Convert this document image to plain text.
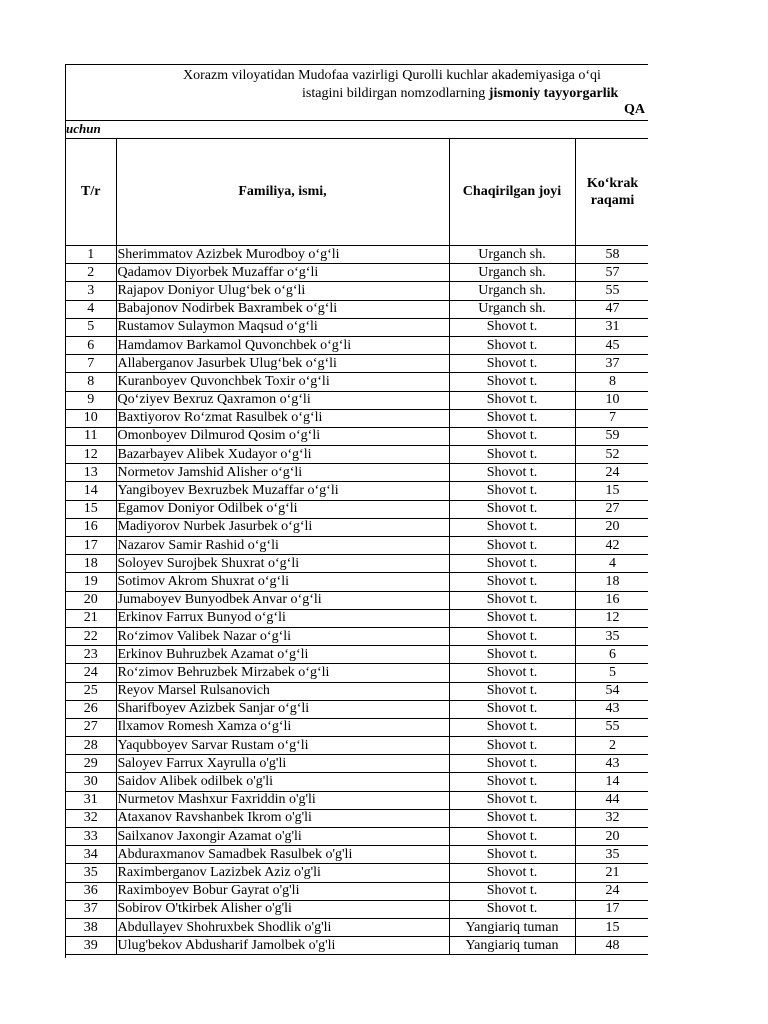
Xorazm viloyatidan Mudofaa vazirligi Qurolli kuchlar akademiyasiga o‘qi
istagini bildirgan nomzodlarning jismoniy tayyorgarlik
QA
uchun
T/r	Familiya, ismi,	Chaqirilgan joyi	Ko‘krak raqami
1	Sherimmatov Azizbek Murodboy o‘g‘li	Urganch sh.	58
2	Qadamov Diyorbek Muzaffar o‘g‘li	Urganch sh.	57
3	Rajapov Doniyor Ulug‘bek o‘g‘li	Urganch sh.	55
4	Babajonov Nodirbek Baxrambek o‘g‘li	Urganch sh.	47
5	Rustamov Sulaymon Maqsud o‘g‘li	Shovot t.	31
6	Hamdamov Barkamol Quvonchbek o‘g‘li	Shovot t.	45
7	Allaberganov Jasurbek Ulug‘bek o‘g‘li	Shovot t.	37
8	Kuranboyev Quvonchbek Toxir o‘g‘li	Shovot t.	8
9	Qo‘ziyev Bexruz Qaxramon o‘g‘li	Shovot t.	10
10	Baxtiyorov Ro‘zmat Rasulbek o‘g‘li	Shovot t.	7
11	Omonboyev Dilmurod Qosim o‘g‘li	Shovot t.	59
12	Bazarbayev Alibek Xudayor o‘g‘li	Shovot t.	52
13	Normetov Jamshid Alisher o‘g‘li	Shovot t.	24
14	Yangiboyev Bexruzbek Muzaffar o‘g‘li	Shovot t.	15
15	Egamov Doniyor Odilbek o‘g‘li	Shovot t.	27
16	Madiyorov Nurbek Jasurbek o‘g‘li	Shovot t.	20
17	Nazarov Samir Rashid o‘g‘li	Shovot t.	42
18	Soloyev Surojbek Shuxrat o‘g‘li	Shovot t.	4
19	Sotimov Akrom Shuxrat o‘g‘li	Shovot t.	18
20	Jumaboyev Bunyodbek Anvar o‘g‘li	Shovot t.	16
21	Erkinov Farrux Bunyod o‘g‘li	Shovot t.	12
22	Ro‘zimov Valibek Nazar o‘g‘li	Shovot t.	35
23	Erkinov Buhruzbek Azamat o‘g‘li	Shovot t.	6
24	Ro‘zimov Behruzbek Mirzabek o‘g‘li	Shovot t.	5
25	Reyov Marsel Rulsanovich	Shovot t.	54
26	Sharifboyev Azizbek Sanjar o‘g‘li	Shovot t.	43
27	Ilxamov Romesh Xamza o‘g‘li	Shovot t.	55
28	Yaqubboyev Sarvar Rustam o‘g‘li	Shovot t.	2
29	Saloyev Farrux Xayrulla o'g'li	Shovot t.	43
30	Saidov Alibek odilbek o'g'li	Shovot t.	14
31	Nurmetov Mashxur Faxriddin o'g'li	Shovot t.	44
32	Ataxanov Ravshanbek Ikrom o'g'li	Shovot t.	32
33	Sailxanov Jaxongir Azamat o'g'li	Shovot t.	20
34	Abduraxmanov Samadbek Rasulbek o'g'li	Shovot t.	35
35	Raximberganov Lazizbek Aziz o'g'li	Shovot t.	21
36	Raximboyev Bobur Gayrat o'g'li	Shovot t.	24
37	Sobirov O'tkirbek Alisher o'g'li	Shovot t.	17
38	Abdullayev Shohruxbek Shodlik o'g'li	Yangiariq tuman	15
39	Ulug'bekov Abdusharif Jamolbek o'g'li	Yangiariq tuman	48
